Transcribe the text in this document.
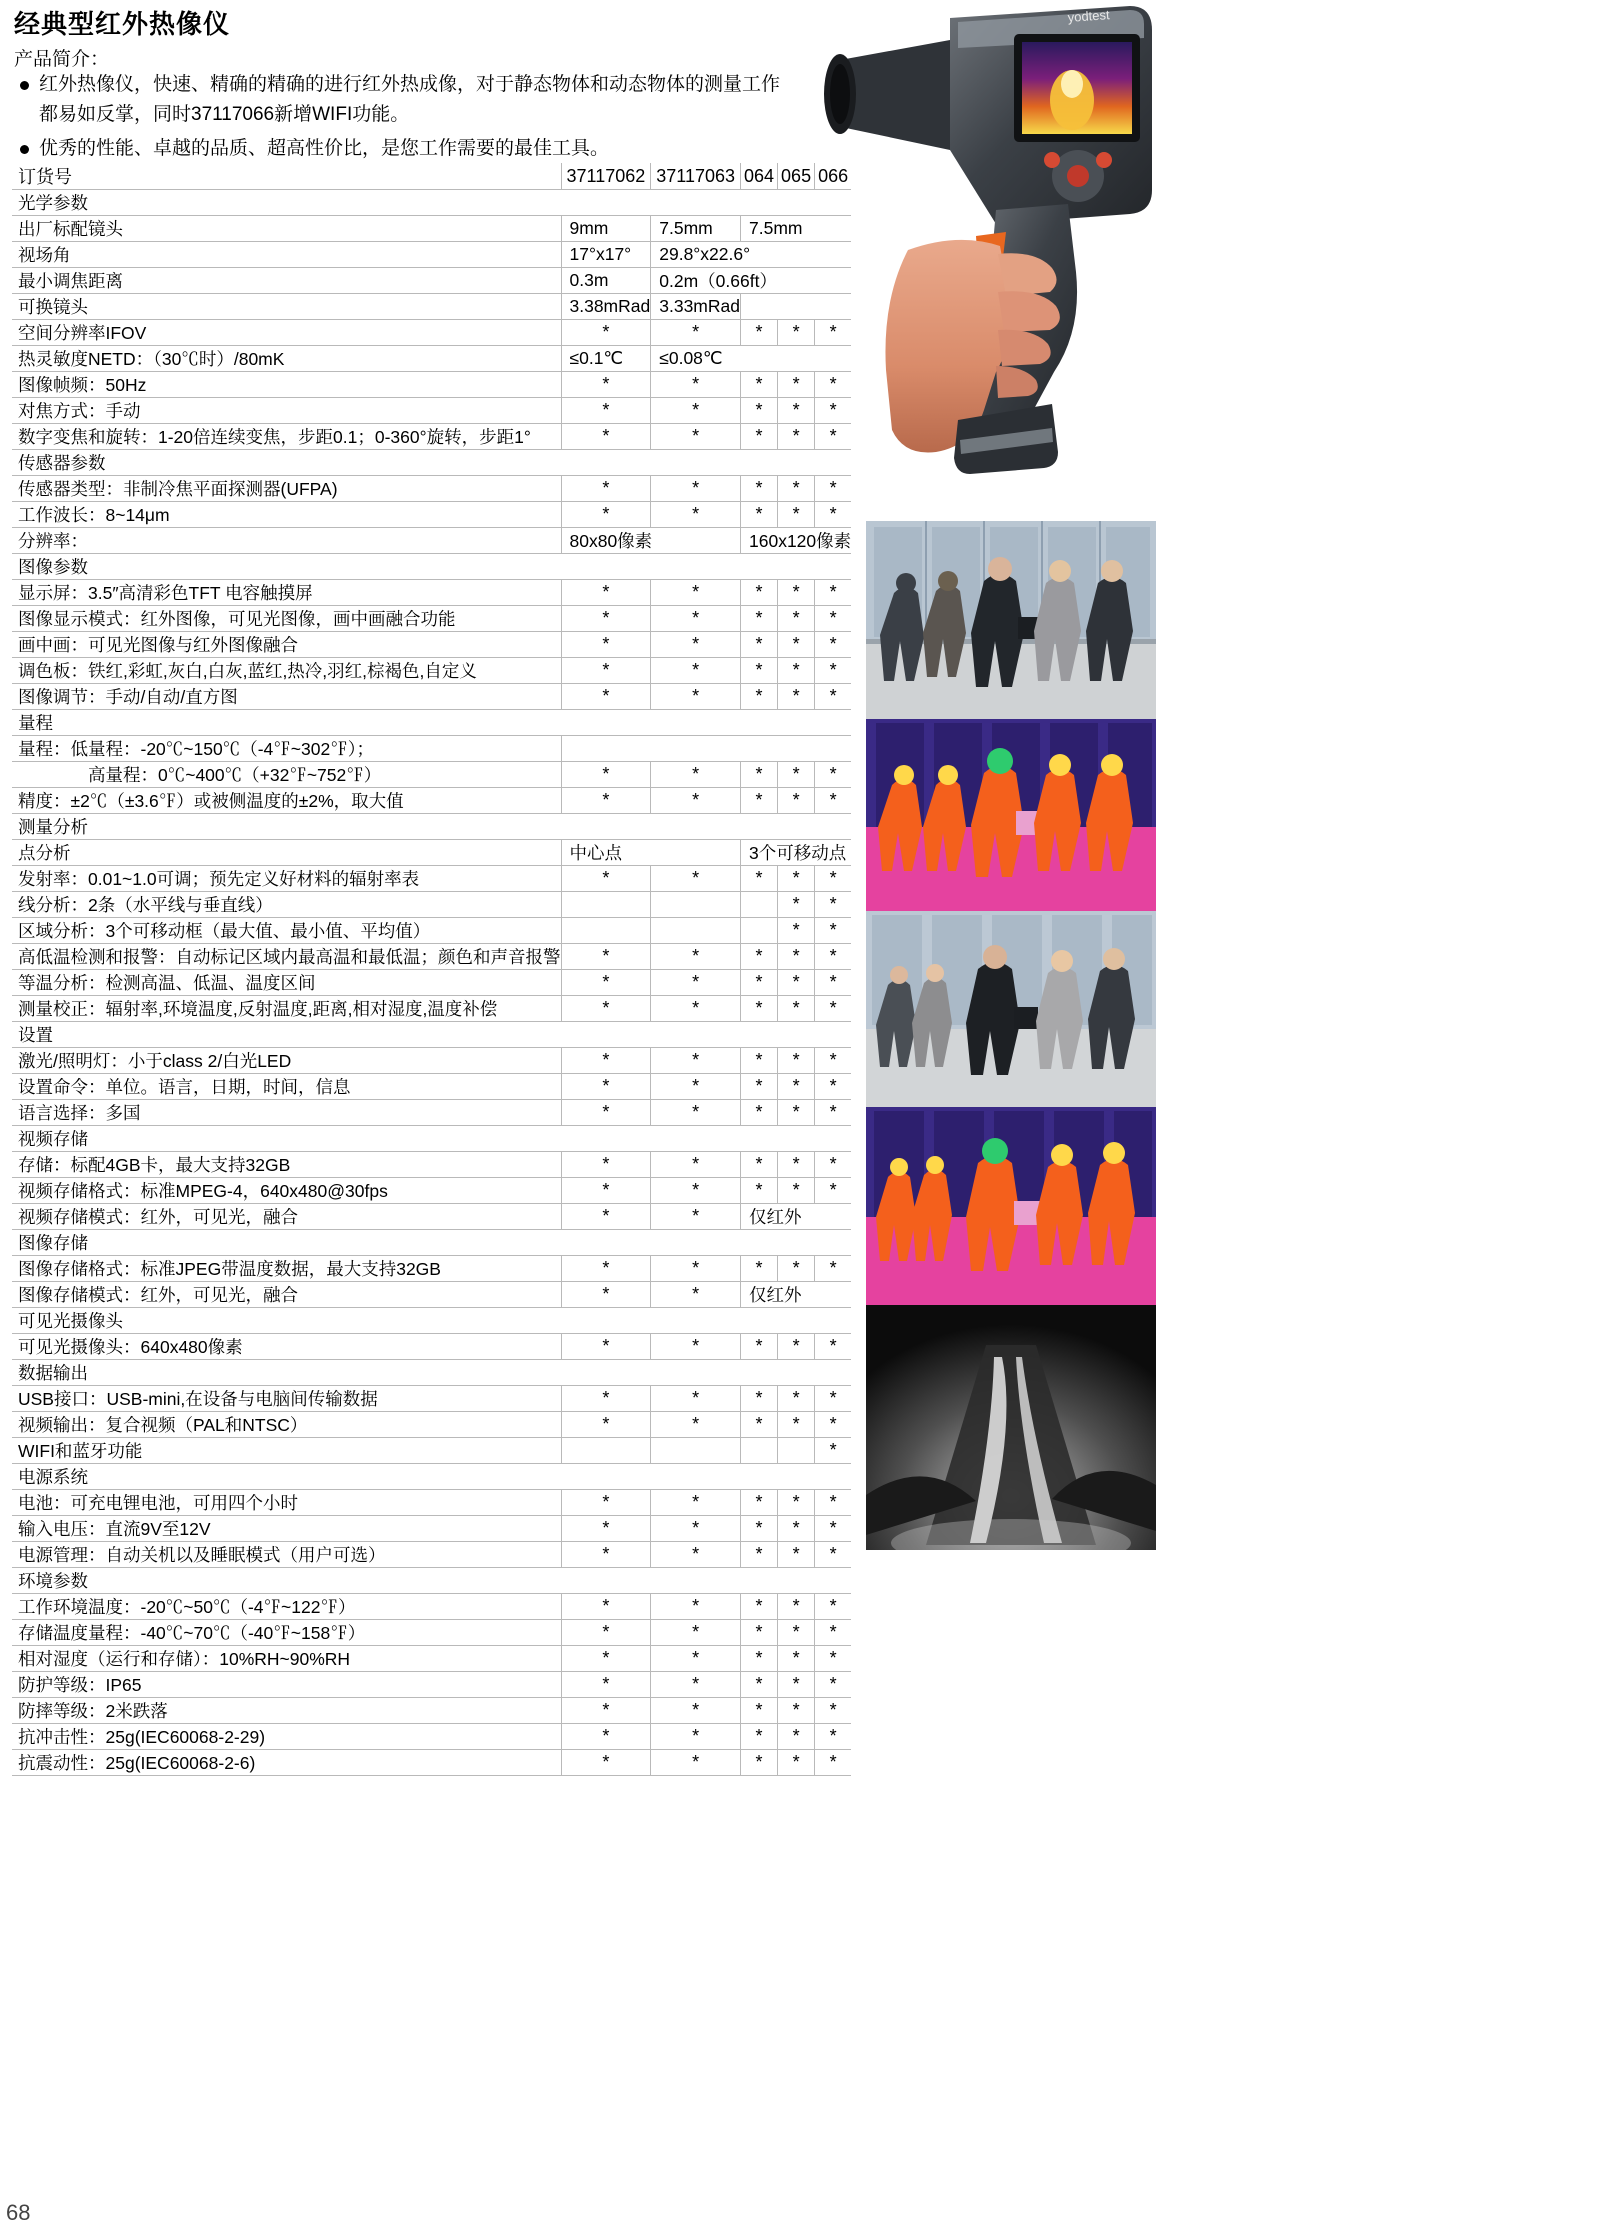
经典型红外热像仪
产品简介：
红外热像仪，快速、精确的精确的进行红外热成像，对于静态物体和动态物体的测量工作都易如反掌，同时37117066新增WIFI功能。
优秀的性能、卓越的品质、超高性价比，是您工作需要的最佳工具。
yodtest
订货号	37117062	37117063	064	065	066
光学参数					
出厂标配镜头	9mm	7.5mm	7.5mm		
视场角	17°x17°	29.8°x22.6°			
最小调焦距离	0.3m	0.2m（0.66ft）			
可换镜头	3.38mRad	3.33mRad			
空间分辨率IFOV	*	*	*	*	*
热灵敏度NETD：（30℃时）/80mK	≤0.1℃	≤0.08℃			
图像帧频：50Hz	*	*	*	*	*
对焦方式：手动	*	*	*	*	*
数字变焦和旋转：1-20倍连续变焦，步距0.1；0-360°旋转，步距1°	*	*	*	*	*
传感器参数					
传感器类型：非制冷焦平面探测器(UFPA)	*	*	*	*	*
工作波长：8~14μm	*	*	*	*	*
分辨率：	80x80像素		160x120像素		
图像参数					
显示屏：3.5″高清彩色TFT 电容触摸屏	*	*	*	*	*
图像显示模式：红外图像，可见光图像，画中画融合功能	*	*	*	*	*
画中画：可见光图像与红外图像融合	*	*	*	*	*
调色板：铁红,彩虹,灰白,白灰,蓝红,热冷,羽红,棕褐色,自定义	*	*	*	*	*
图像调节：手动/自动/直方图	*	*	*	*	*
量程					
量程：低量程：-20℃~150℃（-4℉~302℉）；					
　　　　高量程：0℃~400℃（+32℉~752℉）	*	*	*	*	*
精度：±2℃（±3.6℉）或被侧温度的±2%，取大值	*	*	*	*	*
测量分析					
点分析	中心点		3个可移动点		
发射率：0.01~1.0可调；预先定义好材料的辐射率表	*	*	*	*	*
线分析：2条（水平线与垂直线）				*	*
区域分析：3个可移动框（最大值、最小值、平均值）				*	*
高低温检测和报警：自动标记区域内最高温和最低温；颜色和声音报警	*	*	*	*	*
等温分析：检测高温、低温、温度区间	*	*	*	*	*
测量校正：辐射率,环境温度,反射温度,距离,相对湿度,温度补偿	*	*	*	*	*
设置					
激光/照明灯：小于class 2/白光LED	*	*	*	*	*
设置命令：单位。语言，日期，时间，信息	*	*	*	*	*
语言选择：多国	*	*	*	*	*
视频存储					
存储：标配4GB卡，最大支持32GB	*	*	*	*	*
视频存储格式：标准MPEG-4，640x480@30fps	*	*	*	*	*
视频存储模式：红外，可见光，融合	*	*	仅红外		
图像存储					
图像存储格式：标准JPEG带温度数据，最大支持32GB	*	*	*	*	*
图像存储模式：红外，可见光，融合	*	*	仅红外		
可见光摄像头					
可见光摄像头：640x480像素	*	*	*	*	*
数据输出					
USB接口：USB-mini,在设备与电脑间传输数据	*	*	*	*	*
视频输出：复合视频（PAL和NTSC）	*	*	*	*	*
WIFI和蓝牙功能					*
电源系统					
电池：可充电锂电池，可用四个小时	*	*	*	*	*
输入电压：直流9V至12V	*	*	*	*	*
电源管理：自动关机以及睡眠模式（用户可选）	*	*	*	*	*
环境参数					
工作环境温度：-20℃~50℃（-4℉~122℉）	*	*	*	*	*
存储温度量程：-40℃~70℃（-40℉~158℉）	*	*	*	*	*
相对湿度（运行和存储）：10%RH~90%RH	*	*	*	*	*
防护等级：IP65	*	*	*	*	*
防摔等级：2米跌落	*	*	*	*	*
抗冲击性：25g(IEC60068-2-29)	*	*	*	*	*
抗震动性：25g(IEC60068-2-6)	*	*	*	*	*
68
